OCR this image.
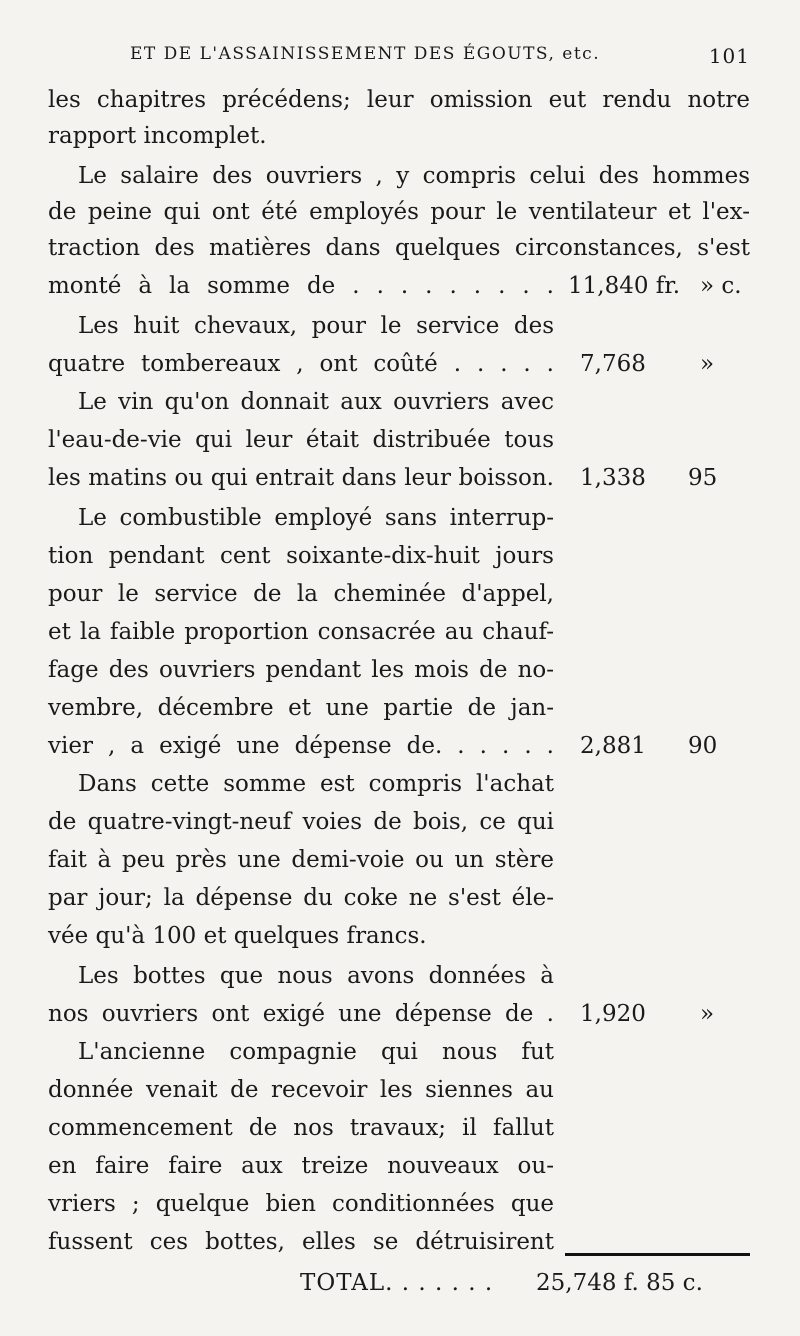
ET DE L'ASSAINISSEMENT DES ÉGOUTS, etc.	101
les chapitres précédens; leur omission eut rendu notre
rapport incomplet.
Le salaire des ouvriers , y compris celui des hommes
de peine qui ont été employés pour le ventilateur et l'ex-
traction des matières dans quelques circonstances, s'est
monté à la somme de . . . . . . . . . 11,840 fr. » c.
Les huit chevaux, pour le service des
quatre tombereaux , ont coûté . . . . . 7,768	»
Le vin qu'on donnait aux ouvriers avec
l'eau-de-vie qui leur était distribuée tous
les matins ou qui entrait dans leur boisson. 1,338	95
Le combustible employé sans interrup-
tion pendant cent soixante-dix-huit jours
pour le service de la cheminée d'appel,
et la faible proportion consacrée au chauf-
fage des ouvriers pendant les mois de no-
vembre, décembre et une partie de jan-
vier , a exigé une dépense de. . . . . . 2,881	90
Dans cette somme est compris l'achat
de quatre-vingt-neuf voies de bois, ce qui
fait à peu près une demi-voie ou un stère
par jour; la dépense du coke ne s'est éle-
vée qu'à 100 et quelques francs.
Les bottes que nous avons données à
nos ouvriers ont exigé une dépense de . 1,920	»
L'ancienne compagnie qui nous fut
donnée venait de recevoir les siennes au
commencement de nos travaux; il fallut
en faire faire aux treize nouveaux ou-
vriers ; quelque bien conditionnées que
fussent ces bottes, elles se détruisirent
TOTAL. . . . . . . 25,748 f. 85 c.
